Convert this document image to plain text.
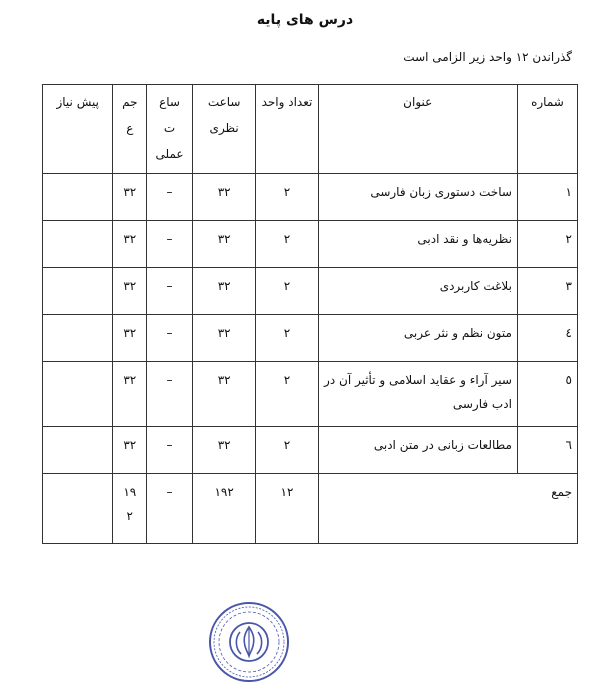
درس های پایه
گذراندن ۱۲ واحد زیر الزامی است
شماره	عنوان	تعداد واحد	ساعت نظری	ساع ت عملی	جم ع	پیش نیاز
۱	ساخت دستوری زبان فارسی	۲	۳۲	–	۳۲	
۲	نظریه‌ها و نقد ادبی	۲	۳۲	–	۳۲	
۳	بلاغت کاربردی	۲	۳۲	–	۳۲	
٤	متون نظم و نثر عربی	۲	۳۲	–	۳۲	
٥	سیر آراء و عقاید اسلامی و تأثیر آن در ادب فارسی	۲	۳۲	–	۳۲	
٦	مطالعات زبانی در متن ادبی	۲	۳۲	–	۳۲	
جمع		۱۲	۱۹۲	–	۱۹ ۲	
